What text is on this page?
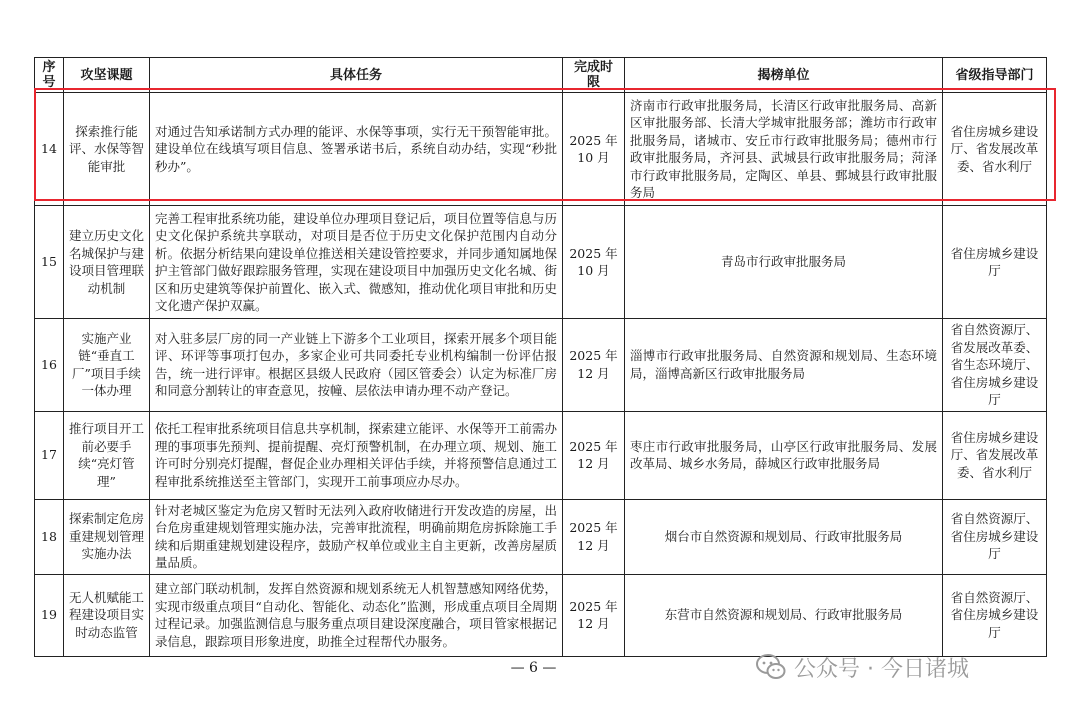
序号	攻坚课题	具体任务	完成时限	揭榜单位	省级指导部门
14	探索推行能评、水保等智能审批	对通过告知承诺制方式办理的能评、水保等事项，实行无干预智能审批。建设单位在线填写项目信息、签署承诺书后，系统自动办结，实现“秒批秒办”。	2025 年 10 月	济南市行政审批服务局，长清区行政审批服务局、高新区审批服务部、长清大学城审批服务部；潍坊市行政审批服务局，诸城市、安丘市行政审批服务局；德州市行政审批服务局，齐河县、武城县行政审批服务局；菏泽市行政审批服务局，定陶区、单县、鄄城县行政审批服务局	省住房城乡建设厅、省发展改革委、省水利厅
15	建立历史文化名城保护与建设项目管理联动机制	完善工程审批系统功能，建设单位办理项目登记后，项目位置等信息与历史文化保护系统共享联动，对项目是否位于历史文化保护范围内自动分析。依据分析结果向建设单位推送相关建设管控要求，并同步通知属地保护主管部门做好跟踪服务管理，实现在建设项目中加强历史文化名城、街区和历史建筑等保护前置化、嵌入式、微感知，推动优化项目审批和历史文化遗产保护双赢。	2025 年 10 月	青岛市行政审批服务局	省住房城乡建设厅
16	实施产业链“垂直工厂”项目手续一体办理	对入驻多层厂房的同一产业链上下游多个工业项目，探索开展多个项目能评、环评等事项打包办，多家企业可共同委托专业机构编制一份评估报告，统一进行评审。根据区县级人民政府（园区管委会）认定为标准厂房和同意分割转让的审查意见，按幢、层依法申请办理不动产登记。	2025 年 12 月	淄博市行政审批服务局、自然资源和规划局、生态环境局，淄博高新区行政审批服务局	省自然资源厅、省发展改革委、省生态环境厅、省住房城乡建设厅
17	推行项目开工前必要手续“亮灯管理”	依托工程审批系统项目信息共享机制，探索建立能评、水保等开工前需办理的事项事先预判、提前提醒、亮灯预警机制，在办理立项、规划、施工许可时分别亮灯提醒，督促企业办理相关评估手续，并将预警信息通过工程审批系统推送至主管部门，实现开工前事项应办尽办。	2025 年 12 月	枣庄市行政审批服务局，山亭区行政审批服务局、发展改革局、城乡水务局，薛城区行政审批服务局	省住房城乡建设厅、省发展改革委、省水利厅
18	探索制定危房重建规划管理实施办法	针对老城区鉴定为危房又暂时无法列入政府收储进行开发改造的房屋，出台危房重建规划管理实施办法，完善审批流程，明确前期危房拆除施工手续和后期重建规划建设程序，鼓励产权单位或业主自主更新，改善房屋质量品质。	2025 年 12 月	烟台市自然资源和规划局、行政审批服务局	省自然资源厅、省住房城乡建设厅
19	无人机赋能工程建设项目实时动态监管	建立部门联动机制，发挥自然资源和规划系统无人机智慧感知网络优势，实现市级重点项目“自动化、智能化、动态化”监测，形成重点项目全周期过程记录。加强监测信息与服务重点项目建设深度融合，项目管家根据记录信息，跟踪项目形象进度，助推全过程帮代办服务。	2025 年 12 月	东营市自然资源和规划局、行政审批服务局	省自然资源厅、省住房城乡建设厅
— 6 —	公众号 · 今日诸城
